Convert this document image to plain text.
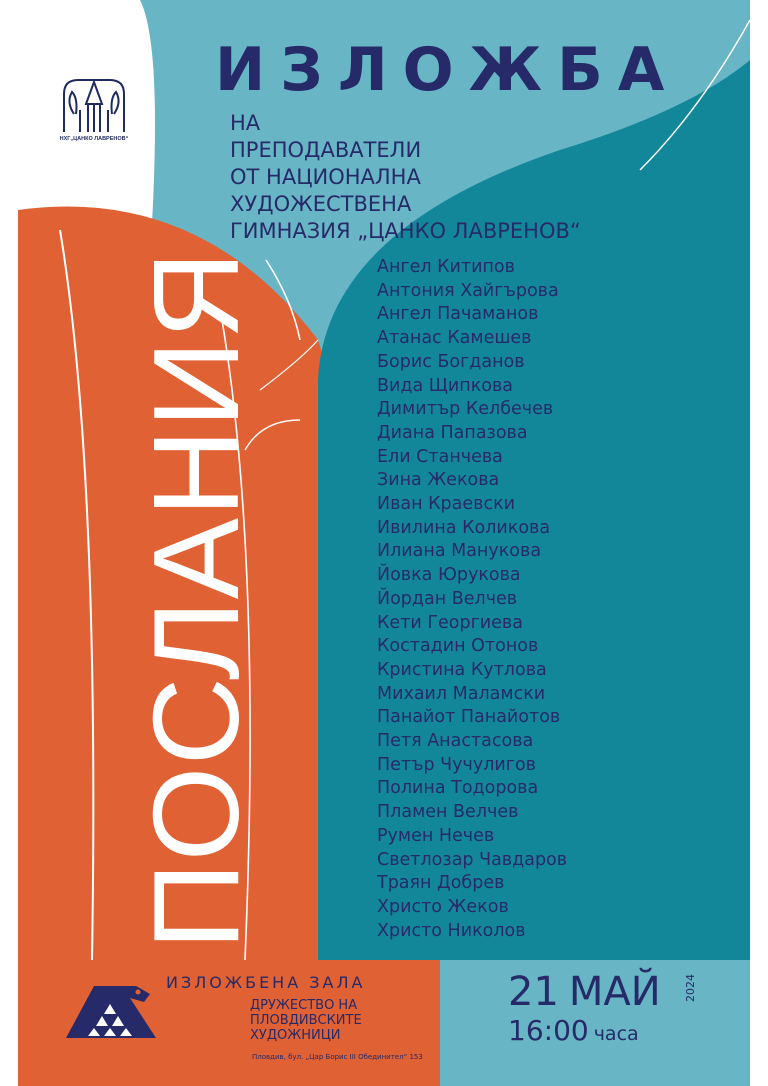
НХГ„ЦАНКО ЛАВРЕНОВ“
ИЗЛОЖБА
НА
ПРЕПОДАВАТЕЛИ
ОТ НАЦИОНАЛНА
ХУДОЖЕСТВЕНА
ГИМНАЗИЯ „ЦАНКО ЛАВРЕНОВ“
ПОСЛАНИЯ	Ангел Китипов
Антония Хайгърова
Ангел Пачаманов
Атанас Камешев
Борис Богданов
Вида Щипкова
Димитър Келбечев
Диана Папазова
Ели Станчева
Зина Жекова
Иван Краевски
Ивилина Коликова
Илиана Манукова
Йовка Юрукова
Йордан Велчев
Кети Георгиева
Костадин Отонов
Кристина Кутлова
Михаил Маламски
Панайот Панайотов
Петя Анастасова
Петър Чучулигов
Полина Тодорова
Пламен Велчев
Румен Нечев
Светлозар Чавдаров
Траян Добрев
Христо Жеков
Христо Николов
ИЗЛОЖБЕНА ЗАЛА
ДРУЖЕСТВО НА
ПЛОВДИВСКИТЕ
ХУДОЖНИЦИ
Пловдив, бул. „Цар Борис III Обединител“ 153
21 МАЙ 2024
16:00 часа
